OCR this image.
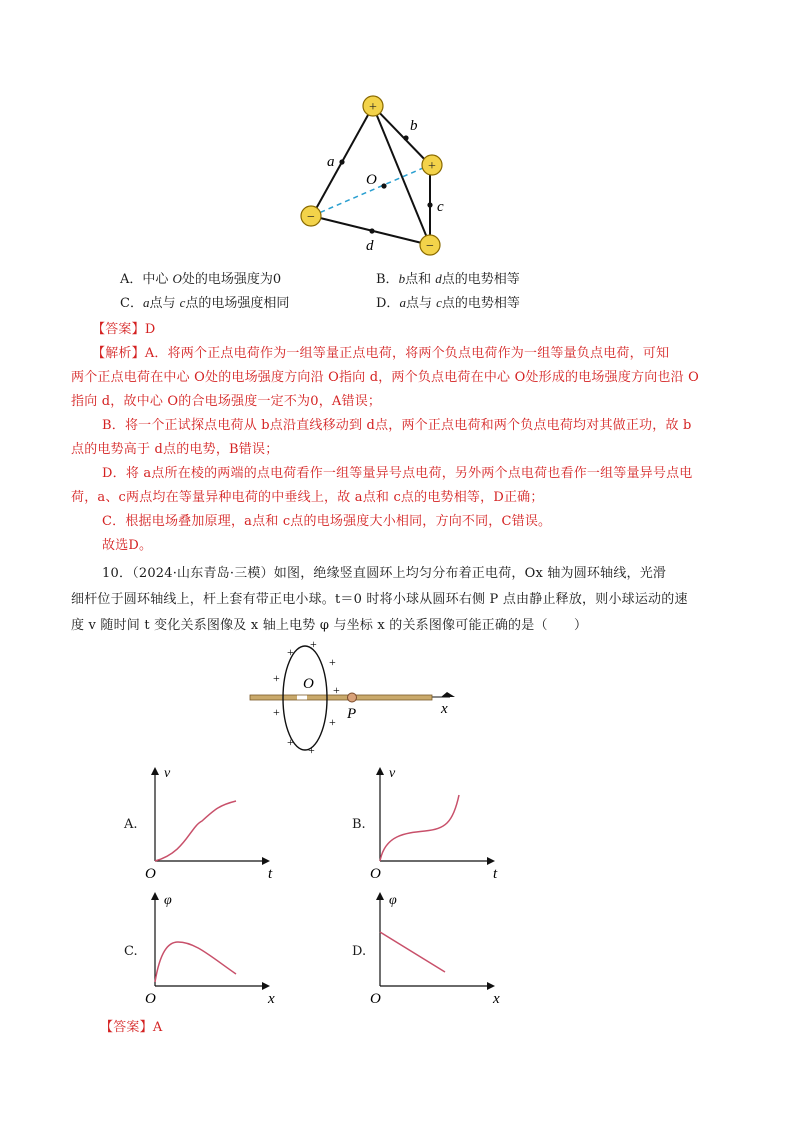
b
a
O
c
d
+
+
−
−
A．中心 O处的电场强度为0	B．b点和 d点的电势相等
C．a点与 c点的电场强度相同	D．a点与 c点的电势相等
【答案】D
【解析】A．将两个正点电荷作为一组等量正点电荷，将两个负点电荷作为一组等量负点电荷，可知
两个正点电荷在中心 O处的电场强度方向沿 O指向 d，两个负点电荷在中心 O处形成的电场强度方向也沿 O
指向 d，故中心 O的合电场强度一定不为0，A错误；
B．将一个正试探点电荷从 b点沿直线移动到 d点，两个正点电荷和两个负点电荷均对其做正功，故 b
点的电势高于 d点的电势，B错误；
D．将 a点所在棱的两端的点电荷看作一组等量异号点电荷，另外两个点电荷也看作一组等量异号点电
荷，a、c两点均在等量异种电荷的中垂线上，故 a点和 c点的电势相等，D正确；
C．根据电场叠加原理，a点和 c点的电场强度大小相同，方向不同，C错误。
故选D。
10．（2024·山东青岛·三模）如图，绝缘竖直圆环上均匀分布着正电荷，Ox 轴为圆环轴线，光滑
细杆位于圆环轴线上，杆上套有带正电小球。t＝0 时将小球从圆环右侧 P 点由静止释放，则小球运动的速
度 v 随时间 t 变化关系图像及 x 轴上电势 φ 与坐标 x 的关系图像可能正确的是（　　）
O
P	x
+
+
+
+
+
+
+
+
+
A.
v
t
O
B.
v
t
O
C.
φ
x
O
D.
φ
x
O
【答案】A
